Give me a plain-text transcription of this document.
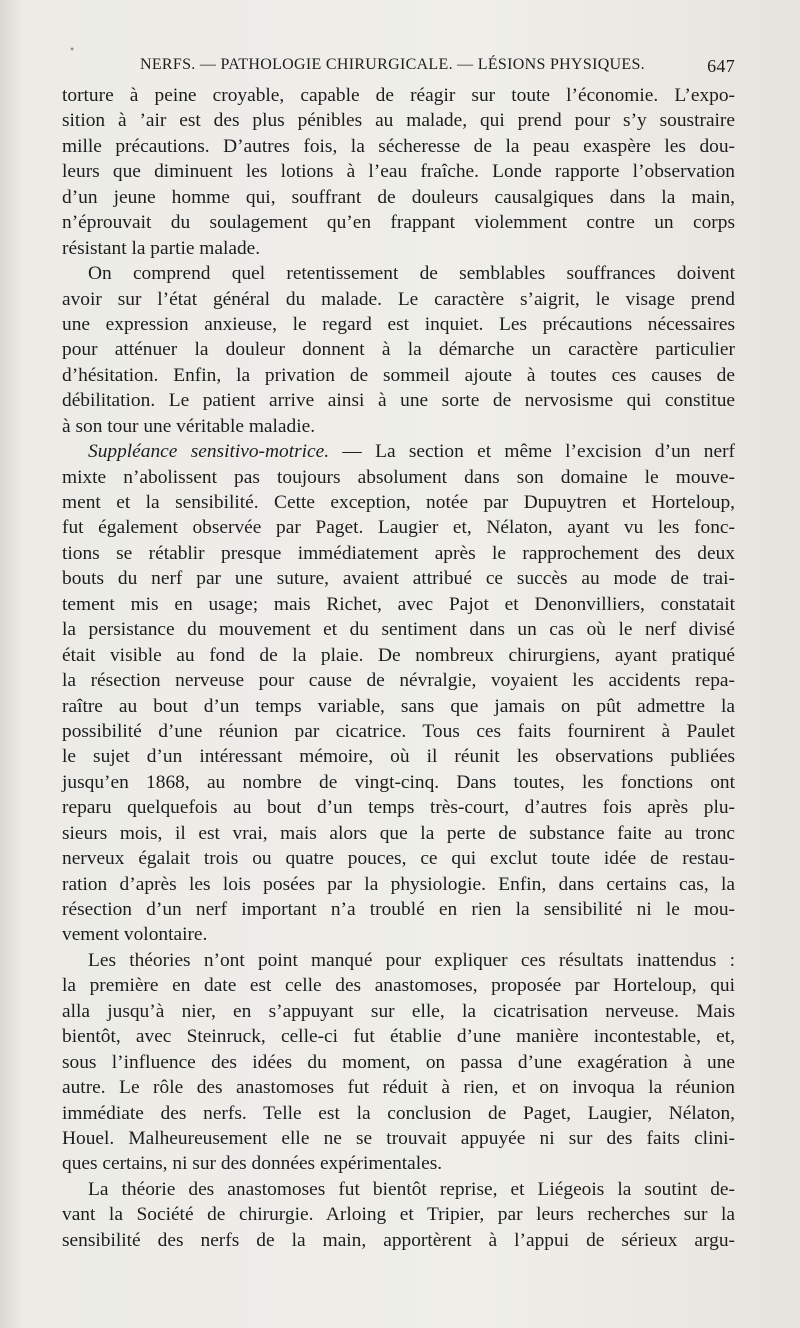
•
NERFS. — PATHOLOGIE CHIRURGICALE. — LÉSIONS PHYSIQUES.	647
torture à peine croyable, capable de réagir sur toute l’économie. L’expo-
sition à ’air est des plus pénibles au malade, qui prend pour s’y soustraire
mille précautions. D’autres fois, la sécheresse de la peau exaspère les dou-
leurs que diminuent les lotions à l’eau fraîche. Londe rapporte l’observation
d’un jeune homme qui, souffrant de douleurs causalgiques dans la main,
n’éprouvait du soulagement qu’en frappant violemment contre un corps
résistant la partie malade.
On comprend quel retentissement de semblables souffrances doivent
avoir sur l’état général du malade. Le caractère s’aigrit, le visage prend
une expression anxieuse, le regard est inquiet. Les précautions nécessaires
pour atténuer la douleur donnent à la démarche un caractère particulier
d’hésitation. Enfin, la privation de sommeil ajoute à toutes ces causes de
débilitation. Le patient arrive ainsi à une sorte de nervosisme qui constitue
à son tour une véritable maladie.
Suppléance sensitivo-motrice. — La section et même l’excision d’un nerf
mixte n’abolissent pas toujours absolument dans son domaine le mouve-
ment et la sensibilité. Cette exception, notée par Dupuytren et Horteloup,
fut également observée par Paget. Laugier et, Nélaton, ayant vu les fonc-
tions se rétablir presque immédiatement après le rapprochement des deux
bouts du nerf par une suture, avaient attribué ce succès au mode de trai-
tement mis en usage; mais Richet, avec Pajot et Denonvilliers, constatait
la persistance du mouvement et du sentiment dans un cas où le nerf divisé
était visible au fond de la plaie. De nombreux chirurgiens, ayant pratiqué
la résection nerveuse pour cause de névralgie, voyaient les accidents repa-
raître au bout d’un temps variable, sans que jamais on pût admettre la
possibilité d’une réunion par cicatrice. Tous ces faits fournirent à Paulet
le sujet d’un intéressant mémoire, où il réunit les observations publiées
jusqu’en 1868, au nombre de vingt-cinq. Dans toutes, les fonctions ont
reparu quelquefois au bout d’un temps très-court, d’autres fois après plu-
sieurs mois, il est vrai, mais alors que la perte de substance faite au tronc
nerveux égalait trois ou quatre pouces, ce qui exclut toute idée de restau-
ration d’après les lois posées par la physiologie. Enfin, dans certains cas, la
résection d’un nerf important n’a troublé en rien la sensibilité ni le mou-
vement volontaire.
Les théories n’ont point manqué pour expliquer ces résultats inattendus :
la première en date est celle des anastomoses, proposée par Horteloup, qui
alla jusqu’à nier, en s’appuyant sur elle, la cicatrisation nerveuse. Mais
bientôt, avec Steinruck, celle-ci fut établie d’une manière incontestable, et,
sous l’influence des idées du moment, on passa d’une exagération à une
autre. Le rôle des anastomoses fut réduit à rien, et on invoqua la réunion
immédiate des nerfs. Telle est la conclusion de Paget, Laugier, Nélaton,
Houel. Malheureusement elle ne se trouvait appuyée ni sur des faits clini-
ques certains, ni sur des données expérimentales.
La théorie des anastomoses fut bientôt reprise, et Liégeois la soutint de-
vant la Société de chirurgie. Arloing et Tripier, par leurs recherches sur la
sensibilité des nerfs de la main, apportèrent à l’appui de sérieux argu-
